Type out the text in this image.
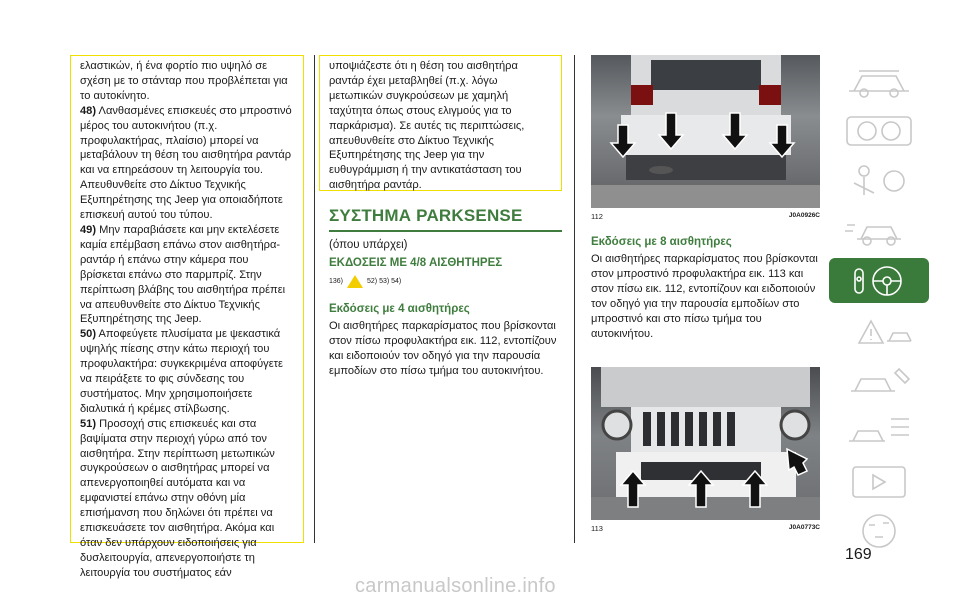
ελαστικών, ή ένα φορτίο πιο υψηλό σε σχέση με το στάνταρ που προβλέπεται για το αυτοκίνητο.

48) Λανθασμένες επισκευές στο μπροστινό μέρος του αυτοκινήτου (π.χ. προφυλακτήρας, πλαίσιο) μπορεί να μεταβάλουν τη θέση του αισθητήρα ραντάρ και να επηρεάσουν τη λειτουργία του. Απευθυνθείτε στο Δίκτυο Τεχνικής Εξυπηρέτησης της Jeep για οποιαδήποτε επισκευή αυτού του τύπου.

49) Μην παραβιάσετε και μην εκτελέσετε καμία επέμβαση επάνω στον αισθητήρα-ραντάρ ή επάνω στην κάμερα που βρίσκεται επάνω στο παρμπρίζ. Στην περίπτωση βλάβης του αισθητήρα πρέπει να απευθυνθείτε στο Δίκτυο Τεχνικής Εξυπηρέτησης της Jeep.

50) Αποφεύγετε πλυσίματα με ψεκαστικά υψηλής πίεσης στην κάτω περιοχή του προφυλακτήρα: συγκεκριμένα αποφύγετε να πειράξετε το φις σύνδεσης του συστήματος. Μην χρησιμοποιήσετε διαλυτικά ή κρέμες στίλβωσης.

51) Προσοχή στις επισκευές και στα βαψίματα στην περιοχή γύρω από τον αισθητήρα. Στην περίπτωση μετωπικών συγκρούσεων ο αισθητήρας μπορεί να απενεργοποιηθεί αυτόματα και να εμφανιστεί επάνω στην οθόνη μία επισήμανση που δηλώνει ότι πρέπει να επισκευάσετε τον αισθητήρα. Ακόμα και όταν δεν υπάρχουν ειδοποιήσεις για δυσλειτουργία, απενεργοποιήστε τη λειτουργία του συστήματος εάν

υποψιάζεστε ότι η θέση του αισθητήρα ραντάρ έχει μεταβληθεί (π.χ. λόγω μετωπικών συγκρούσεων με χαμηλή ταχύτητα όπως στους ελιγμούς για το παρκάρισμα). Σε αυτές τις περιπτώσεις, απευθυνθείτε στο Δίκτυο Τεχνικής Εξυπηρέτησης της Jeep για την ευθυγράμμιση ή την αντικατάσταση του αισθητήρα ραντάρ.

ΣΥΣΤΗΜΑ PARKSENSE
(όπου υπάρχει)
ΕΚΔΟΣΕΙΣ ΜΕ 4/8 ΑΙΣΘΗΤΗΡΕΣ
136)	52) 53) 54)
Εκδόσεις με 4 αισθητήρες

Οι αισθητήρες παρκαρίσματος που βρίσκονται στον πίσω προφυλακτήρα εικ. 112, εντοπίζουν και ειδοποιούν τον οδηγό για την παρουσία εμποδίων στο πίσω τμήμα του αυτοκινήτου.

112	J0A0926C
Εκδόσεις με 8 αισθητήρες

Οι αισθητήρες παρκαρίσματος που βρίσκονται στον μπροστινό προφυλακτήρα εικ. 113 και στον πίσω εικ. 112, εντοπίζουν και ειδοποιούν τον οδηγό για την παρουσία εμποδίων στο μπροστινό και στο πίσω τμήμα του αυτοκινήτου.

113	J0A0773C
169
carmanualsonline.info
